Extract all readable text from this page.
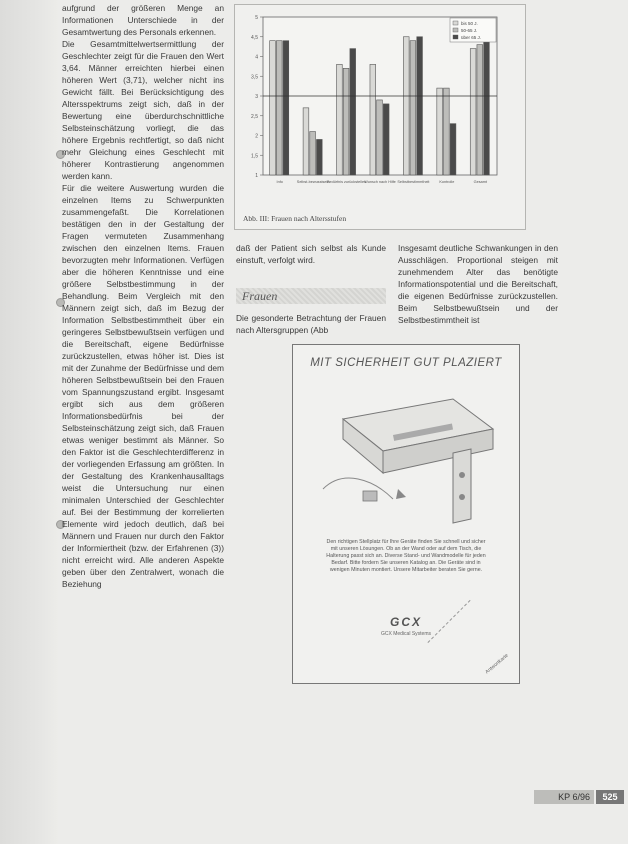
aufgrund der größeren Menge an Informationen Unterschiede in der Gesamtwertung des Personals erkennen.

Die Gesamtmittelwertsermittlung der Geschlechter zeigt für die Frauen den Wert 3,64. Männer erreichten hierbei einen höheren Wert (3,71), welcher nicht ins Gewicht fällt. Bei Berücksichtigung des Altersspektrums zeigt sich, daß in der Bewertung eine überdurchschnittliche Selbsteinschätzung vorliegt, die das höhere Ergebnis rechtfertigt, so daß nicht mehr Gleichung eines Geschlecht mit höherer Kontrastierung angenommen werden kann.

Für die weitere Auswertung wurden die einzelnen Items zu Schwerpunkten zusammengefaßt. Die Korrelationen bestätigen den in der Gestaltung der Fragen vermuteten Zusammenhang zwischen den einzelnen Items. Frauen bevorzugten mehr Informationen. Verfügen aber die höheren Kenntnisse und eine größere Selbstbestimmung in der Behandlung. Beim Vergleich mit den Männern zeigt sich, daß im Bezug der Information Selbstbestimmtheit über ein geringeres Selbstbewußtsein verfügen und die Bereitschaft, eigene Bedürfnisse zurückzustellen, etwas höher ist. Dies ist mit der Zunahme der Bedürfnisse und dem höheren Selbstbewußtsein bei den Frauen vom Spannungszustand ergibt. Insgesamt ergibt sich aus dem größeren Informationsbedürfnis bei der Selbsteinschätzung zeigt sich, daß Frauen etwas weniger bestimmt als Männer. So den Faktor ist die Geschlechterdifferenz in der vorliegenden Erfassung am größten. In der Gestaltung des Krankenhausalltags weist die Untersuchung nur einen minimalen Unterschied der Geschlechter auf. Bei der Bestimmung der korrelierten Elemente wird jedoch deutlich, daß bei Männern und Frauen nur durch den Faktor der Informiertheit (bzw. der Erfahrenen (3)) nicht erreicht wird. Alle anderen Aspekte geben über den Zentralwert, wonach die Beziehung

1
1,5
2
2,5
3
3,5
4
4,5
5
Info	Selbst-bewusstsein
Bedürfnis zurückstellen
Wunsch nach Hilfe Selbstbestimmtheit	Kontrolle	Gesamt
bis 50 J.
50-65 J.
über 65 J.
Abb. III: Frauen nach Altersstufen

daß der Patient sich selbst als Kunde einstuft, verfolgt wird.

Frauen

Die gesonderte Betrachtung der Frauen nach Altersgruppen (Abb

Insgesamt deutliche Schwankungen in den Ausschlägen. Proportional steigen mit zunehmendem Alter das benötigte Informationspotential und die Bereitschaft, die eigenen Bedürfnisse zurückzustellen. Beim Selbstbewußtsein und der Selbstbestimmtheit ist

MIT SICHERHEIT GUT PLAZIERT
Den richtigen Stellplatz für Ihre Geräte finden Sie schnell und sicher mit unseren Lösungen. Ob an der Wand oder auf dem Tisch, die Halterung passt sich an. Diverse Stand- und Wandmodelle für jeden Bedarf. Bitte fordern Sie unseren Katalog an. Die Geräte sind in wenigen Minuten montiert. Unsere Mitarbeiter beraten Sie gerne.
GCX
GCX Medical Systems
Antwortkarte
KP 6/96	525
